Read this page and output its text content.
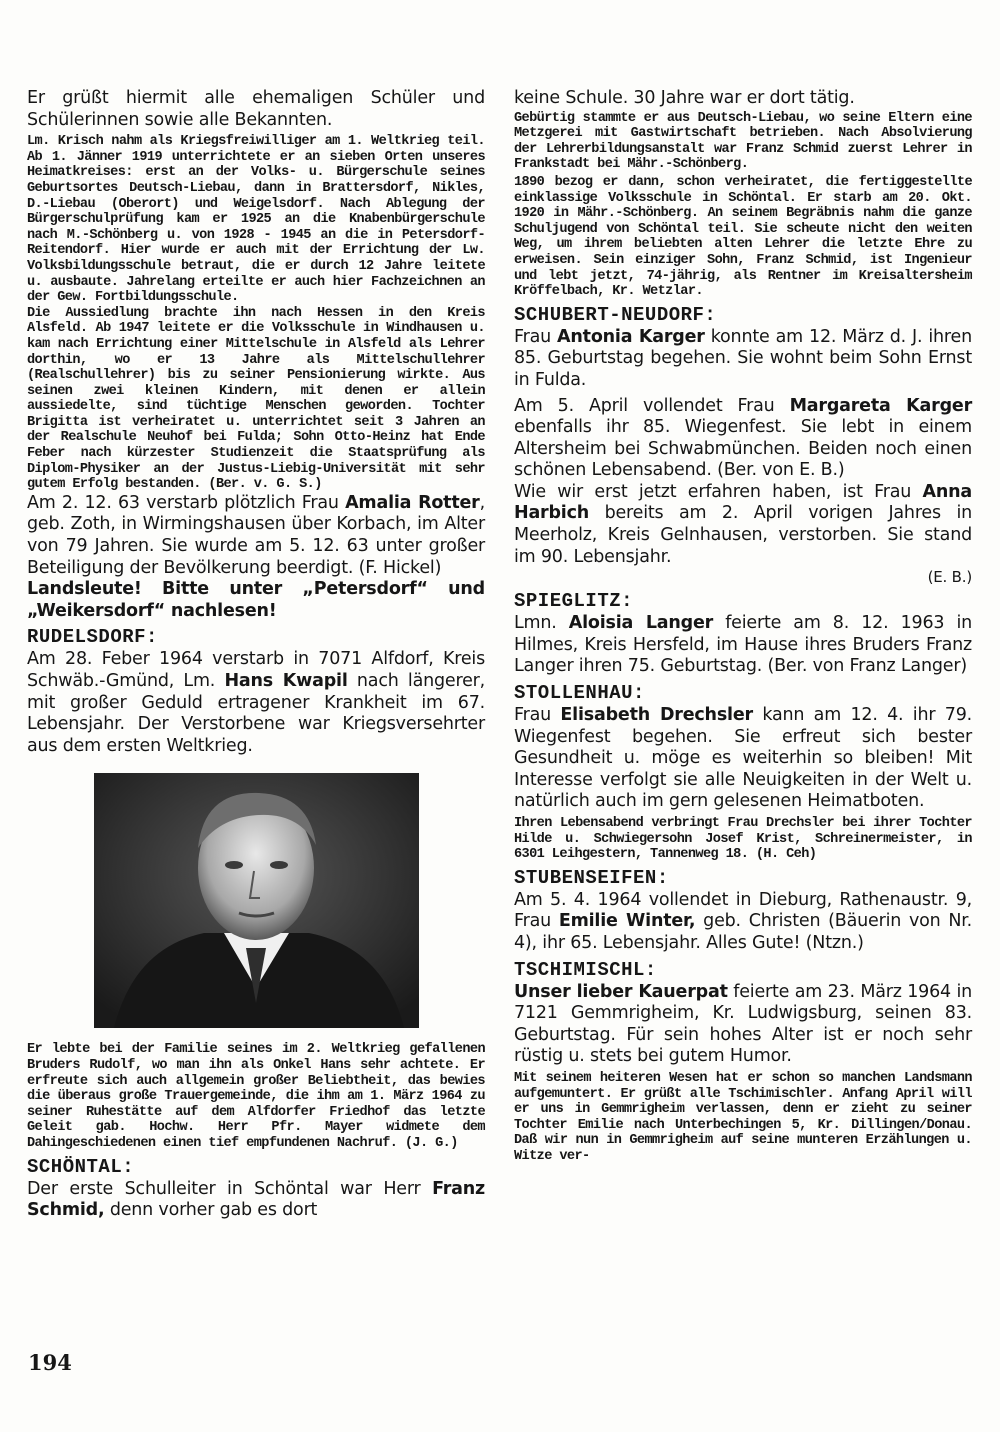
Er grüßt hiermit alle ehemaligen Schüler und Schülerinnen sowie alle Bekannten.

Lm. Krisch nahm als Kriegsfreiwilliger am 1. Weltkrieg teil. Ab 1. Jänner 1919 unterrichtete er an sieben Orten unseres Heimatkreises: erst an der Volks- u. Bürgerschule seines Geburtsortes Deutsch-Liebau, dann in Brattersdorf, Nikles, D.-Liebau (Oberort) und Weigelsdorf. Nach Ablegung der Bürgerschulprüfung kam er 1925 an die Knabenbürgerschule nach M.-Schönberg u. von 1928 - 1945 an die in Petersdorf-Reitendorf. Hier wurde er auch mit der Errichtung der Lw. Volksbildungsschule betraut, die er durch 12 Jahre leitete u. ausbaute. Jahrelang erteilte er auch hier Fachzeichnen an der Gew. Fortbildungsschule.

Die Aussiedlung brachte ihn nach Hessen in den Kreis Alsfeld. Ab 1947 leitete er die Volksschule in Windhausen u. kam nach Errichtung einer Mittelschule in Alsfeld als Lehrer dorthin, wo er 13 Jahre als Mittelschullehrer (Realschullehrer) bis zu seiner Pensionierung wirkte. Aus seinen zwei kleinen Kindern, mit denen er allein aussiedelte, sind tüchtige Menschen geworden. Tochter Brigitta ist verheiratet u. unterrichtet seit 3 Jahren an der Realschule Neuhof bei Fulda; Sohn Otto-Heinz hat Ende Feber nach kürzester Studienzeit die Staatsprüfung als Diplom-Physiker an der Justus-Liebig-Universität mit sehr gutem Erfolg bestanden. (Ber. v. G. S.)

Am 2. 12. 63 verstarb plötzlich Frau Amalia Rotter, geb. Zoth, in Wirmingshausen über Korbach, im Alter von 79 Jahren. Sie wurde am 5. 12. 63 unter großer Beteiligung der Bevölkerung beerdigt. (F. Hickel)

Landsleute! Bitte unter „Petersdorf“ und „Weikersdorf“ nachlesen!

RUDELSDORF:

Am 28. Feber 1964 verstarb in 7071 Alfdorf, Kreis Schwäb.-Gmünd, Lm. Hans Kwapil nach längerer, mit großer Geduld ertragener Krankheit im 67. Lebensjahr. Der Verstorbene war Kriegsversehrter aus dem ersten Weltkrieg.

Er lebte bei der Familie seines im 2. Weltkrieg gefallenen Bruders Rudolf, wo man ihn als Onkel Hans sehr achtete. Er erfreute sich auch allgemein großer Beliebtheit, das bewies die überaus große Trauergemeinde, die ihm am 1. März 1964 zu seiner Ruhestätte auf dem Alfdorfer Friedhof das letzte Geleit gab. Hochw. Herr Pfr. Mayer widmete dem Dahingeschiedenen einen tief empfundenen Nachruf. (J. G.)

SCHÖNTAL:

Der erste Schulleiter in Schöntal war Herr Franz Schmid, denn vorher gab es dort

keine Schule. 30 Jahre war er dort tätig.

Gebürtig stammte er aus Deutsch-Liebau, wo seine Eltern eine Metzgerei mit Gastwirtschaft betrieben. Nach Absolvierung der Lehrerbildungsanstalt war Franz Schmid zuerst Lehrer in Frankstadt bei Mähr.-Schönberg.

1890 bezog er dann, schon verheiratet, die fertiggestellte einklassige Volksschule in Schöntal. Er starb am 20. Okt. 1920 in Mähr.-Schönberg. An seinem Begräbnis nahm die ganze Schuljugend von Schöntal teil. Sie scheute nicht den weiten Weg, um ihrem beliebten alten Lehrer die letzte Ehre zu erweisen. Sein einziger Sohn, Franz Schmid, ist Ingenieur und lebt jetzt, 74-jährig, als Rentner im Kreisaltersheim Kröffelbach, Kr. Wetzlar.

SCHUBERT-NEUDORF:

Frau Antonia Karger konnte am 12. März d. J. ihren 85. Geburtstag begehen. Sie wohnt beim Sohn Ernst in Fulda.

Am 5. April vollendet Frau Margareta Karger ebenfalls ihr 85. Wiegenfest. Sie lebt in einem Altersheim bei Schwabmünchen. Beiden noch einen schönen Lebensabend. (Ber. von E. B.)

Wie wir erst jetzt erfahren haben, ist Frau Anna Harbich bereits am 2. April vorigen Jahres in Meerholz, Kreis Gelnhausen, verstorben. Sie stand im 90. Lebensjahr.

(E. B.)

SPIEGLITZ:

Lmn. Aloisia Langer feierte am 8. 12. 1963 in Hilmes, Kreis Hersfeld, im Hause ihres Bruders Franz Langer ihren 75. Geburtstag. (Ber. von Franz Langer)

STOLLENHAU:

Frau Elisabeth Drechsler kann am 12. 4. ihr 79. Wiegenfest begehen. Sie erfreut sich bester Gesundheit u. möge es weiterhin so bleiben! Mit Interesse verfolgt sie alle Neuigkeiten in der Welt u. natürlich auch im gern gelesenen Heimatboten.

Ihren Lebensabend verbringt Frau Drechsler bei ihrer Tochter Hilde u. Schwiegersohn Josef Krist, Schreinermeister, in 6301 Leihgestern, Tannenweg 18. (H. Ceh)

STUBENSEIFEN:

Am 5. 4. 1964 vollendet in Dieburg, Rathenaustr. 9, Frau Emilie Winter, geb. Christen (Bäuerin von Nr. 4), ihr 65. Lebensjahr. Alles Gute! (Ntzn.)

TSCHIMISCHL:

Unser lieber Kauerpat feierte am 23. März 1964 in 7121 Gemmrigheim, Kr. Ludwigsburg, seinen 83. Geburtstag. Für sein hohes Alter ist er noch sehr rüstig u. stets bei gutem Humor.

Mit seinem heiteren Wesen hat er schon so manchen Landsmann aufgemuntert. Er grüßt alle Tschimischler. Anfang April will er uns in Gemmrigheim verlassen, denn er zieht zu seiner Tochter Emilie nach Unterbechingen 5, Kr. Dillingen/Donau. Daß wir nun in Gemmrigheim auf seine munteren Erzählungen u. Witze ver-

194
